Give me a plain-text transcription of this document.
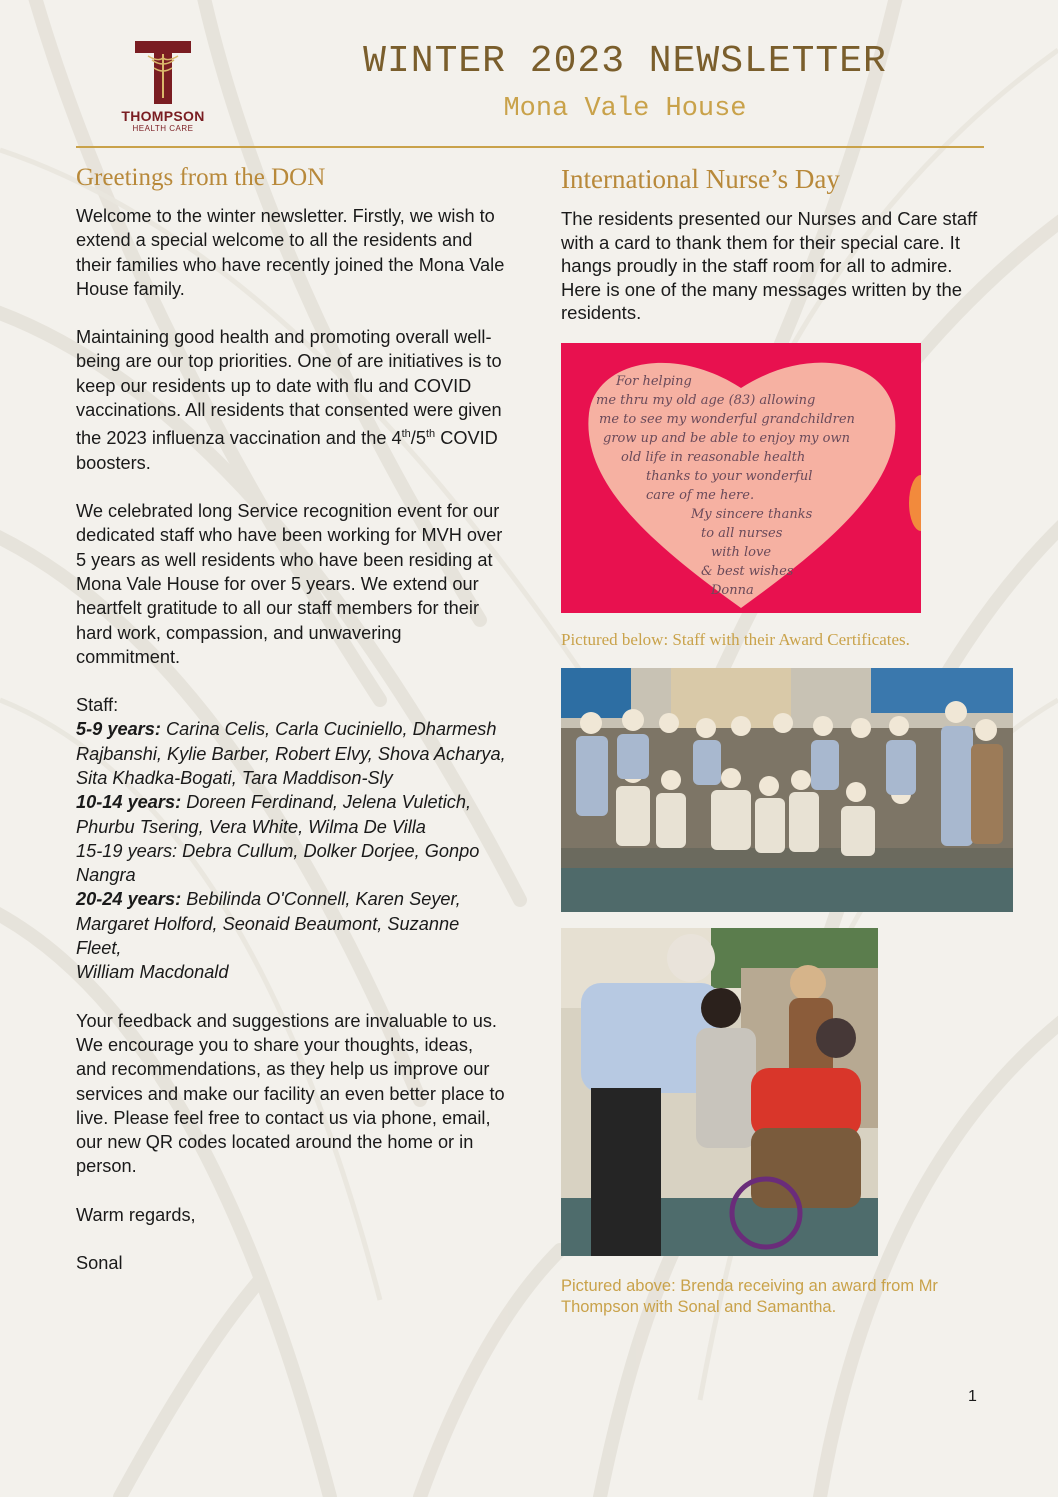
THOMPSON
HEALTH CARE
WINTER 2023 NEWSLETTER
Mona Vale House
Greetings from the DON

Welcome to the winter newsletter. Firstly, we wish to extend a special welcome to all the residents and their families who have recently joined the Mona Vale House family.

Maintaining good health and promoting overall well-being are our top priorities. One of are initiatives is to keep our residents up to date with flu and COVID vaccinations. All residents that consented were given the 2023 influenza vaccination and the 4th/5th COVID boosters.

We celebrated long Service recognition event for our dedicated staff who have been working for MVH over 5 years as well residents who have been residing at Mona Vale House for over 5 years. We extend our heartfelt gratitude to all our staff members for their hard work, compassion, and unwavering commitment.

Staff:
5-9 years: Carina Celis, Carla Cuciniello, Dharmesh Rajbanshi, Kylie Barber, Robert Elvy, Shova Acharya, Sita Khadka-Bogati, Tara Maddison-Sly
10-14 years: Doreen Ferdinand, Jelena Vuletich, Phurbu Tsering, Vera White, Wilma De Villa
15-19 years: Debra Cullum, Dolker Dorjee, Gonpo Nangra
20-24 years: Bebilinda O'Connell, Karen Seyer, Margaret Holford, Seonaid Beaumont, Suzanne Fleet,
William Macdonald

Your feedback and suggestions are invaluable to us. We encourage you to share your thoughts, ideas, and recommendations, as they help us improve our services and make our facility an even better place to live. Please feel free to contact us via phone, email, our new QR codes located around the home or in person.

Warm regards,

Sonal

International Nurse’s Day

The residents presented our Nurses and Care staff with a card to thank them for their special care. It hangs proudly in the staff room for all to admire. Here is one of the many messages written by the residents.

For helping
me thru my old age (83) allowing
me to see my wonderful grandchildren
grow up and be able to enjoy my own
old life in reasonable health
thanks to your wonderful
care of me here.
My sincere thanks
to all nurses
with love
& best wishes
Donna
Pictured below: Staff with their Award Certificates.
Pictured above: Brenda receiving an award from Mr Thompson with Sonal and Samantha.
1
